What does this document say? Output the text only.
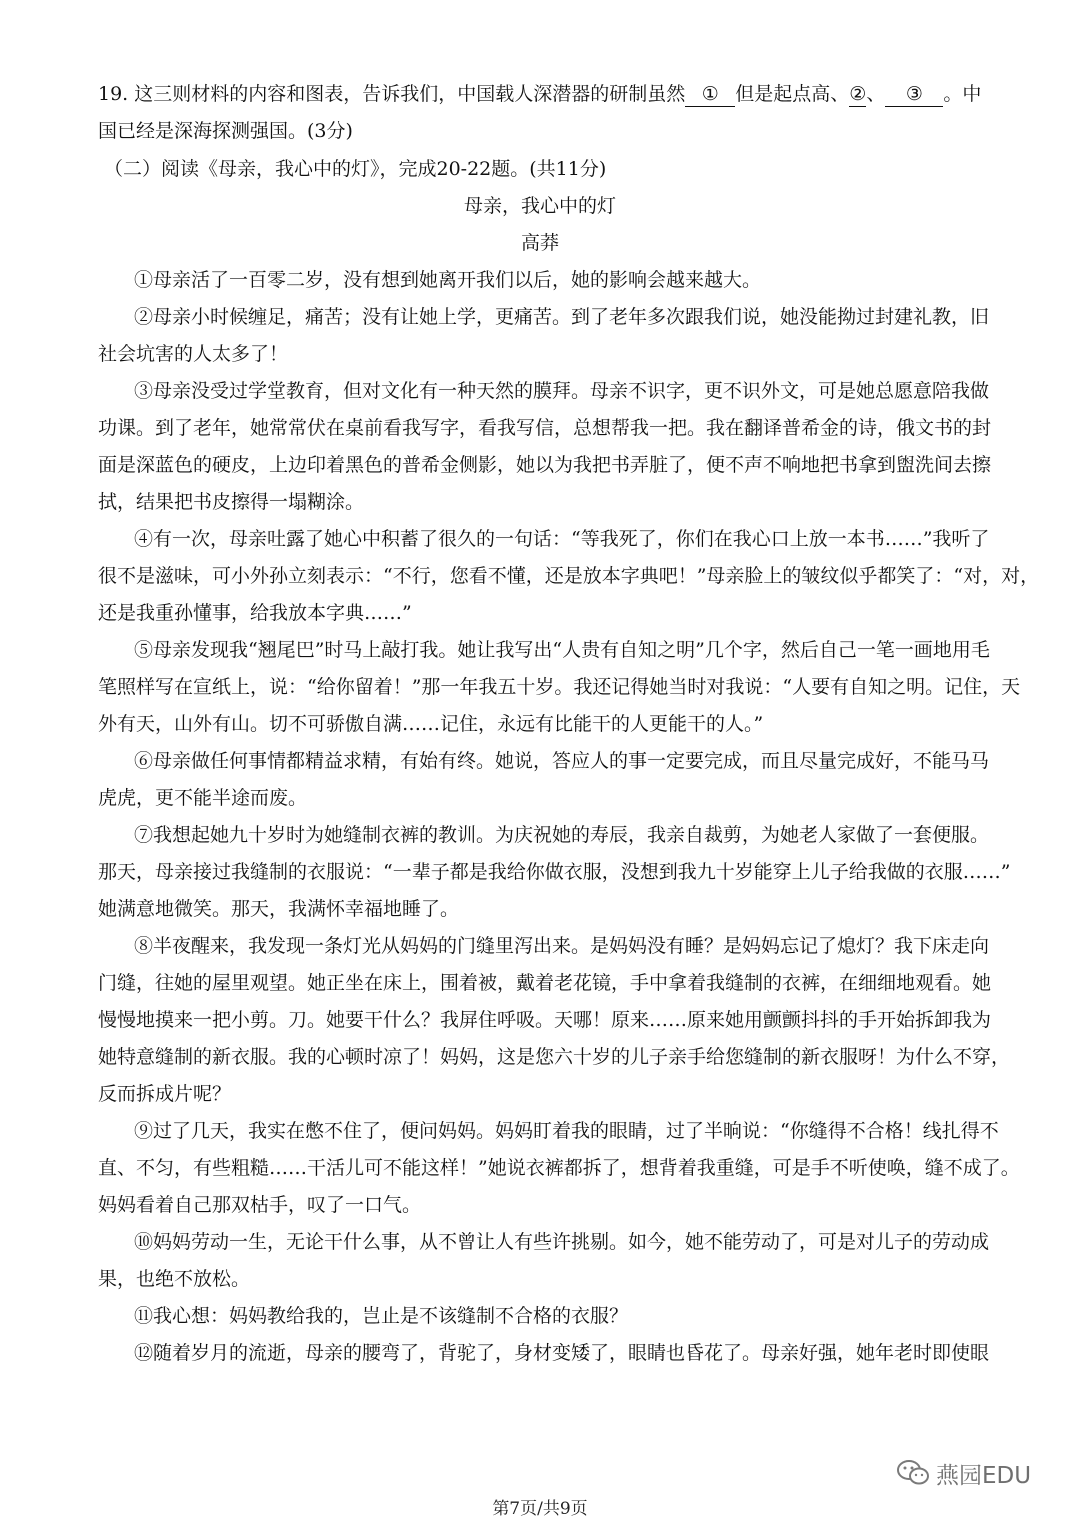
19. 这三则材料的内容和图表，告诉我们，中国载人深潜器的研制虽然 ① 但是起点高、②、 ③ 。中
国已经是深海探测强国。(3分)
（二）阅读《母亲，我心中的灯》，完成20-22题。(共11分)
母亲，我心中的灯
高莽
①母亲活了一百零二岁，没有想到她离开我们以后，她的影响会越来越大。
②母亲小时候缠足，痛苦；没有让她上学，更痛苦。到了老年多次跟我们说，她没能拗过封建礼教，旧
社会坑害的人太多了！
③母亲没受过学堂教育，但对文化有一种天然的膜拜。母亲不识字，更不识外文，可是她总愿意陪我做
功课。到了老年，她常常伏在桌前看我写字，看我写信，总想帮我一把。我在翻译普希金的诗，俄文书的封
面是深蓝色的硬皮，上边印着黑色的普希金侧影，她以为我把书弄脏了，便不声不响地把书拿到盥洗间去擦
拭，结果把书皮擦得一塌糊涂。
④有一次，母亲吐露了她心中积蓄了很久的一句话：“等我死了，你们在我心口上放一本书……”我听了
很不是滋味，可小外孙立刻表示：“不行，您看不懂，还是放本字典吧！”母亲脸上的皱纹似乎都笑了：“对，对，
还是我重孙懂事，给我放本字典……”
⑤母亲发现我“翘尾巴”时马上敲打我。她让我写出“人贵有自知之明”几个字，然后自己一笔一画地用毛
笔照样写在宣纸上，说：“给你留着！”那一年我五十岁。我还记得她当时对我说：“人要有自知之明。记住，天
外有天，山外有山。切不可骄傲自满……记住，永远有比能干的人更能干的人。”
⑥母亲做任何事情都精益求精，有始有终。她说，答应人的事一定要完成，而且尽量完成好，不能马马
虎虎，更不能半途而废。
⑦我想起她九十岁时为她缝制衣裤的教训。为庆祝她的寿辰，我亲自裁剪，为她老人家做了一套便服。
那天，母亲接过我缝制的衣服说：“一辈子都是我给你做衣服，没想到我九十岁能穿上儿子给我做的衣服……”
她满意地微笑。那天，我满怀幸福地睡了。
⑧半夜醒来，我发现一条灯光从妈妈的门缝里泻出来。是妈妈没有睡？是妈妈忘记了熄灯？我下床走向
门缝，往她的屋里观望。她正坐在床上，围着被，戴着老花镜，手中拿着我缝制的衣裤，在细细地观看。她
慢慢地摸来一把小剪。刀。她要干什么？我屏住呼吸。天哪！原来……原来她用颤颤抖抖的手开始拆卸我为
她特意缝制的新衣服。我的心顿时凉了！妈妈，这是您六十岁的儿子亲手给您缝制的新衣服呀！为什么不穿，
反而拆成片呢？
⑨过了几天，我实在憋不住了，便问妈妈。妈妈盯着我的眼睛，过了半晌说：“你缝得不合格！线扎得不
直、不匀，有些粗糙……干活儿可不能这样！”她说衣裤都拆了，想背着我重缝，可是手不听使唤，缝不成了。
妈妈看着自己那双枯手，叹了一口气。
⑩妈妈劳动一生，无论干什么事，从不曾让人有些许挑剔。如今，她不能劳动了，可是对儿子的劳动成
果，也绝不放松。
⑪我心想：妈妈教给我的，岂止是不该缝制不合格的衣服？
⑫随着岁月的流逝，母亲的腰弯了，背驼了，身材变矮了，眼睛也昏花了。母亲好强，她年老时即使眼
燕园EDU
第7页/共9页
